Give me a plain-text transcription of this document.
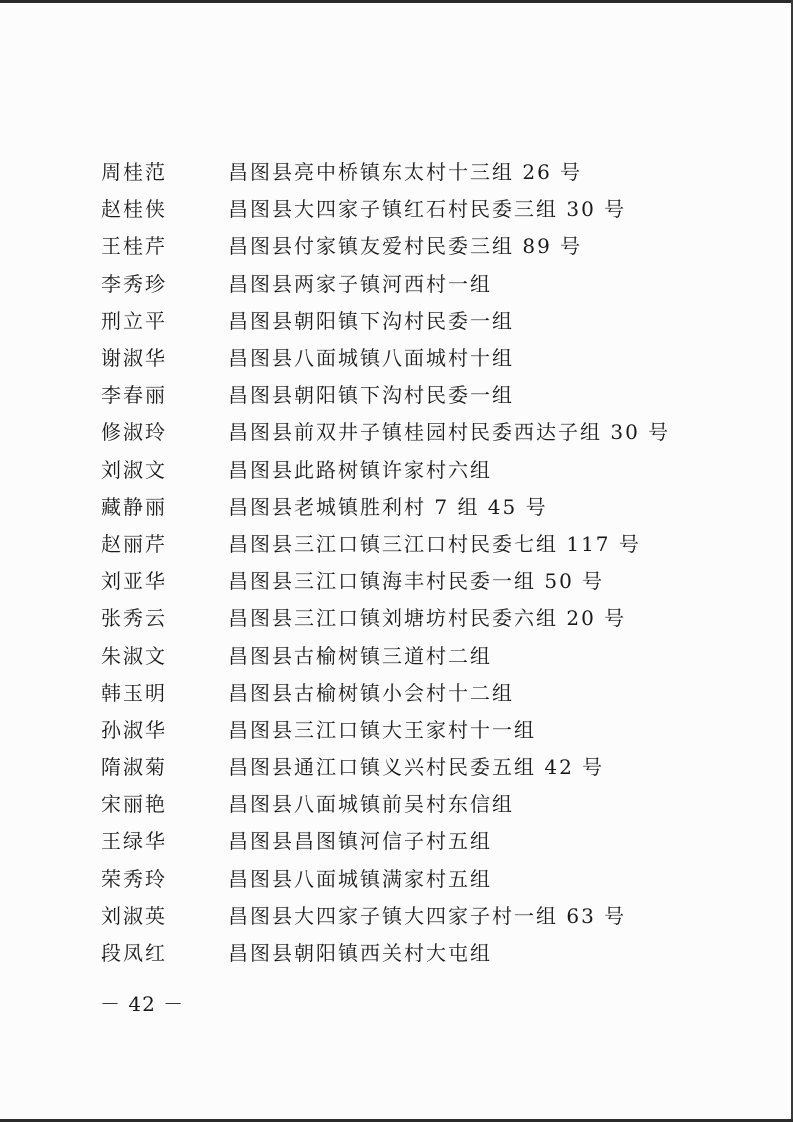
周桂范	昌图县亮中桥镇东太村十三组 26 号
赵桂侠	昌图县大四家子镇红石村民委三组 30 号
王桂芹	昌图县付家镇友爱村民委三组 89 号
李秀珍	昌图县两家子镇河西村一组
刑立平	昌图县朝阳镇下沟村民委一组
谢淑华	昌图县八面城镇八面城村十组
李春丽	昌图县朝阳镇下沟村民委一组
修淑玲	昌图县前双井子镇桂园村民委西达子组 30 号
刘淑文	昌图县此路树镇许家村六组
藏静丽	昌图县老城镇胜利村 7 组 45 号
赵丽芹	昌图县三江口镇三江口村民委七组 117 号
刘亚华	昌图县三江口镇海丰村民委一组 50 号
张秀云	昌图县三江口镇刘塘坊村民委六组 20 号
朱淑文	昌图县古榆树镇三道村二组
韩玉明	昌图县古榆树镇小会村十二组
孙淑华	昌图县三江口镇大王家村十一组
隋淑菊	昌图县通江口镇义兴村民委五组 42 号
宋丽艳	昌图县八面城镇前吴村东信组
王绿华	昌图县昌图镇河信子村五组
荣秀玲	昌图县八面城镇满家村五组
刘淑英	昌图县大四家子镇大四家子村一组 63 号
段凤红	昌图县朝阳镇西关村大屯组
－ 42 －
